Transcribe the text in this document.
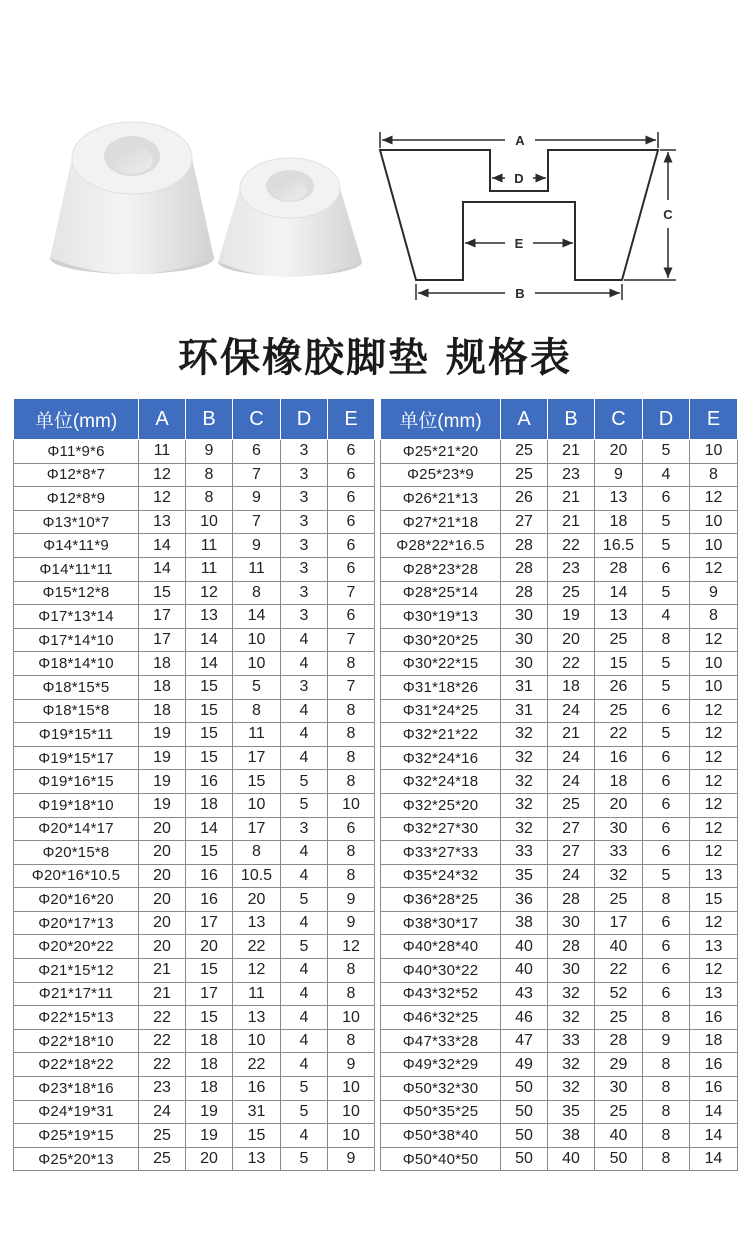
A
D
C
E
B
环保橡胶脚垫 规格表
单位(mm)	A	B	C	D	E
Φ11*9*6	11	9	6	3	6
Φ12*8*7	12	8	7	3	6
Φ12*8*9	12	8	9	3	6
Φ13*10*7	13	10	7	3	6
Φ14*11*9	14	11	9	3	6
Φ14*11*11	14	11	11	3	6
Φ15*12*8	15	12	8	3	7
Φ17*13*14	17	13	14	3	6
Φ17*14*10	17	14	10	4	7
Φ18*14*10	18	14	10	4	8
Φ18*15*5	18	15	5	3	7
Φ18*15*8	18	15	8	4	8
Φ19*15*11	19	15	11	4	8
Φ19*15*17	19	15	17	4	8
Φ19*16*15	19	16	15	5	8
Φ19*18*10	19	18	10	5	10
Φ20*14*17	20	14	17	3	6
Φ20*15*8	20	15	8	4	8
Φ20*16*10.5	20	16	10.5	4	8
Φ20*16*20	20	16	20	5	9
Φ20*17*13	20	17	13	4	9
Φ20*20*22	20	20	22	5	12
Φ21*15*12	21	15	12	4	8
Φ21*17*11	21	17	11	4	8
Φ22*15*13	22	15	13	4	10
Φ22*18*10	22	18	10	4	8
Φ22*18*22	22	18	22	4	9
Φ23*18*16	23	18	16	5	10
Φ24*19*31	24	19	31	5	10
Φ25*19*15	25	19	15	4	10
Φ25*20*13	25	20	13	5	9
单位(mm)	A	B	C	D	E
Φ25*21*20	25	21	20	5	10
Φ25*23*9	25	23	9	4	8
Φ26*21*13	26	21	13	6	12
Φ27*21*18	27	21	18	5	10
Φ28*22*16.5	28	22	16.5	5	10
Φ28*23*28	28	23	28	6	12
Φ28*25*14	28	25	14	5	9
Φ30*19*13	30	19	13	4	8
Φ30*20*25	30	20	25	8	12
Φ30*22*15	30	22	15	5	10
Φ31*18*26	31	18	26	5	10
Φ31*24*25	31	24	25	6	12
Φ32*21*22	32	21	22	5	12
Φ32*24*16	32	24	16	6	12
Φ32*24*18	32	24	18	6	12
Φ32*25*20	32	25	20	6	12
Φ32*27*30	32	27	30	6	12
Φ33*27*33	33	27	33	6	12
Φ35*24*32	35	24	32	5	13
Φ36*28*25	36	28	25	8	15
Φ38*30*17	38	30	17	6	12
Φ40*28*40	40	28	40	6	13
Φ40*30*22	40	30	22	6	12
Φ43*32*52	43	32	52	6	13
Φ46*32*25	46	32	25	8	16
Φ47*33*28	47	33	28	9	18
Φ49*32*29	49	32	29	8	16
Φ50*32*30	50	32	30	8	16
Φ50*35*25	50	35	25	8	14
Φ50*38*40	50	38	40	8	14
Φ50*40*50	50	40	50	8	14
